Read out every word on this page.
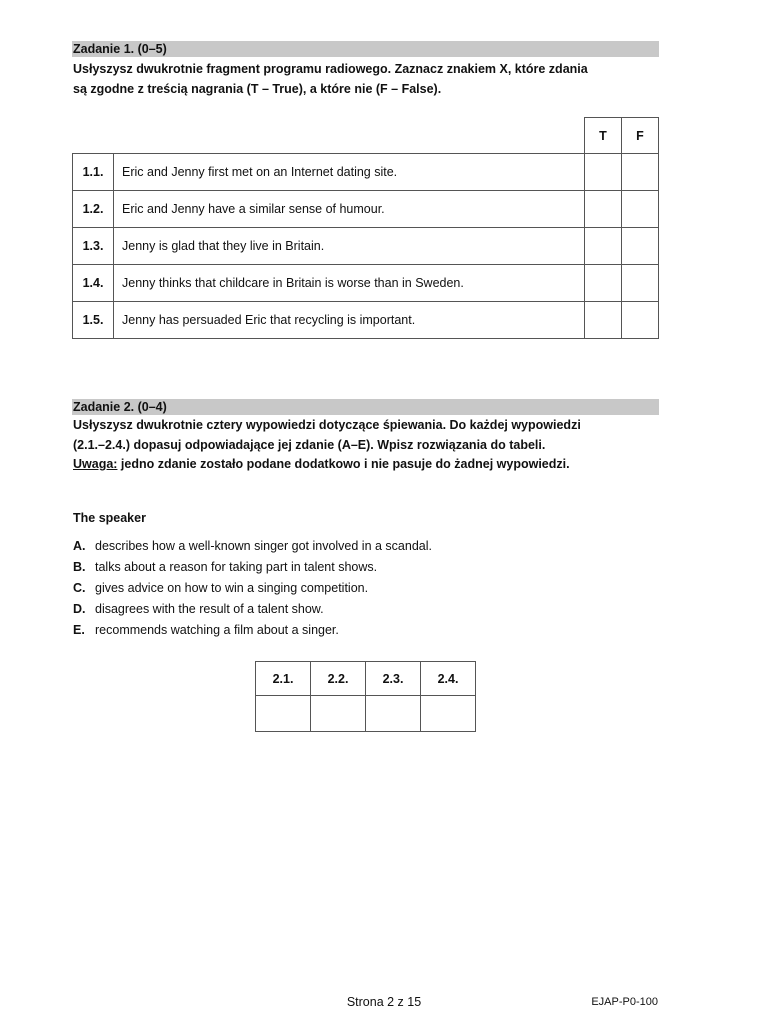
Zadanie 1. (0–5)
Usłyszysz dwukrotnie fragment programu radiowego. Zaznacz znakiem X, które zdania
są zgodne z treścią nagrania (T – True), a które nie (F – False).
		T	F
1.1.	Eric and Jenny first met on an Internet dating site.		
1.2.	Eric and Jenny have a similar sense of humour.		
1.3.	Jenny is glad that they live in Britain.		
1.4.	Jenny thinks that childcare in Britain is worse than in Sweden.		
1.5.	Jenny has persuaded Eric that recycling is important.		
Zadanie 2. (0–4)
Usłyszysz dwukrotnie cztery wypowiedzi dotyczące śpiewania. Do każdej wypowiedzi
(2.1.–2.4.) dopasuj odpowiadające jej zdanie (A–E). Wpisz rozwiązania do tabeli.
Uwaga: jedno zdanie zostało podane dodatkowo i nie pasuje do żadnej wypowiedzi.
The speaker
A. describes how a well-known singer got involved in a scandal.
B. talks about a reason for taking part in talent shows.
C. gives advice on how to win a singing competition.
D. disagrees with the result of a talent show.
E. recommends watching a film about a singer.
2.1.	2.2.	2.3.	2.4.

Strona 2 z 15	EJAP-P0-100
